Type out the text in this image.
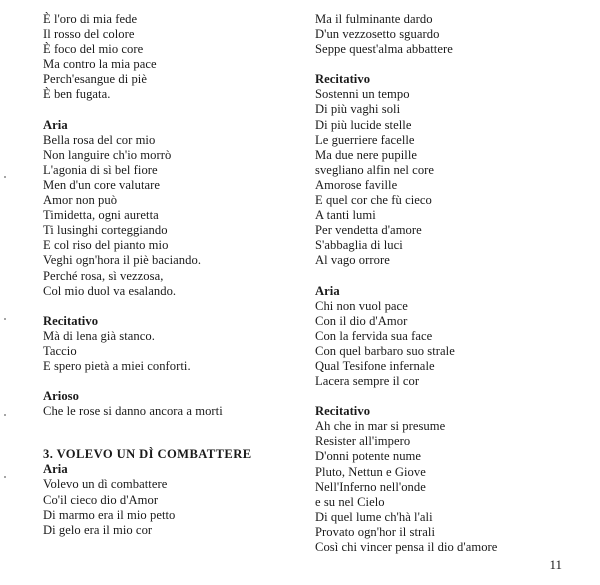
È l'oro di mia fede
Il rosso del colore
È foco del mio core
Ma contro la mia pace
Perch'esangue di piè
È ben fugata.
Aria
Bella rosa del cor mio
Non languire ch'io morrò
L'agonia di sì bel fiore
Men d'un core valutare
Amor non può
Timidetta, ogni auretta
Ti lusinghi corteggiando
E col riso del pianto mio
Veghi ogn'hora il piè baciando.
Perché rosa, sì vezzosa,
Col mio duol va esalando.
Recitativo
Mà di lena già stanco.
Taccio
E spero pietà a miei conforti.
Arioso
Che le rose si danno ancora a morti
3. VOLEVO UN DÌ COMBATTERE
Aria
Volevo un dì combattere
Co'il cieco dio d'Amor
Di marmo era il mio petto
Di gelo era il mio cor
Ma il fulminante dardo
D'un vezzosetto sguardo
Seppe quest'alma abbattere
Recitativo
Sostenni un tempo
Di più vaghi soli
Di più lucide stelle
Le guerriere facelle
Ma due nere pupille
svegliano alfin nel core
Amorose faville
E quel cor che fù cieco
A tanti lumi
Per vendetta d'amore
S'abbaglia di luci
Al vago orrore
Aria
Chi non vuol pace
Con il dio d'Amor
Con la fervida sua face
Con quel barbaro suo strale
Qual Tesifone infernale
Lacera sempre il cor
Recitativo
Ah che in mar si presume
Resister all'impero
D'onni potente nume
Pluto, Nettun e Giove
Nell'Inferno nell'onde
e su nel Cielo
Di quel lume ch'hà l'ali
Provato ogn'hor il strali
Così chi vincer pensa il dio d'amore
11
